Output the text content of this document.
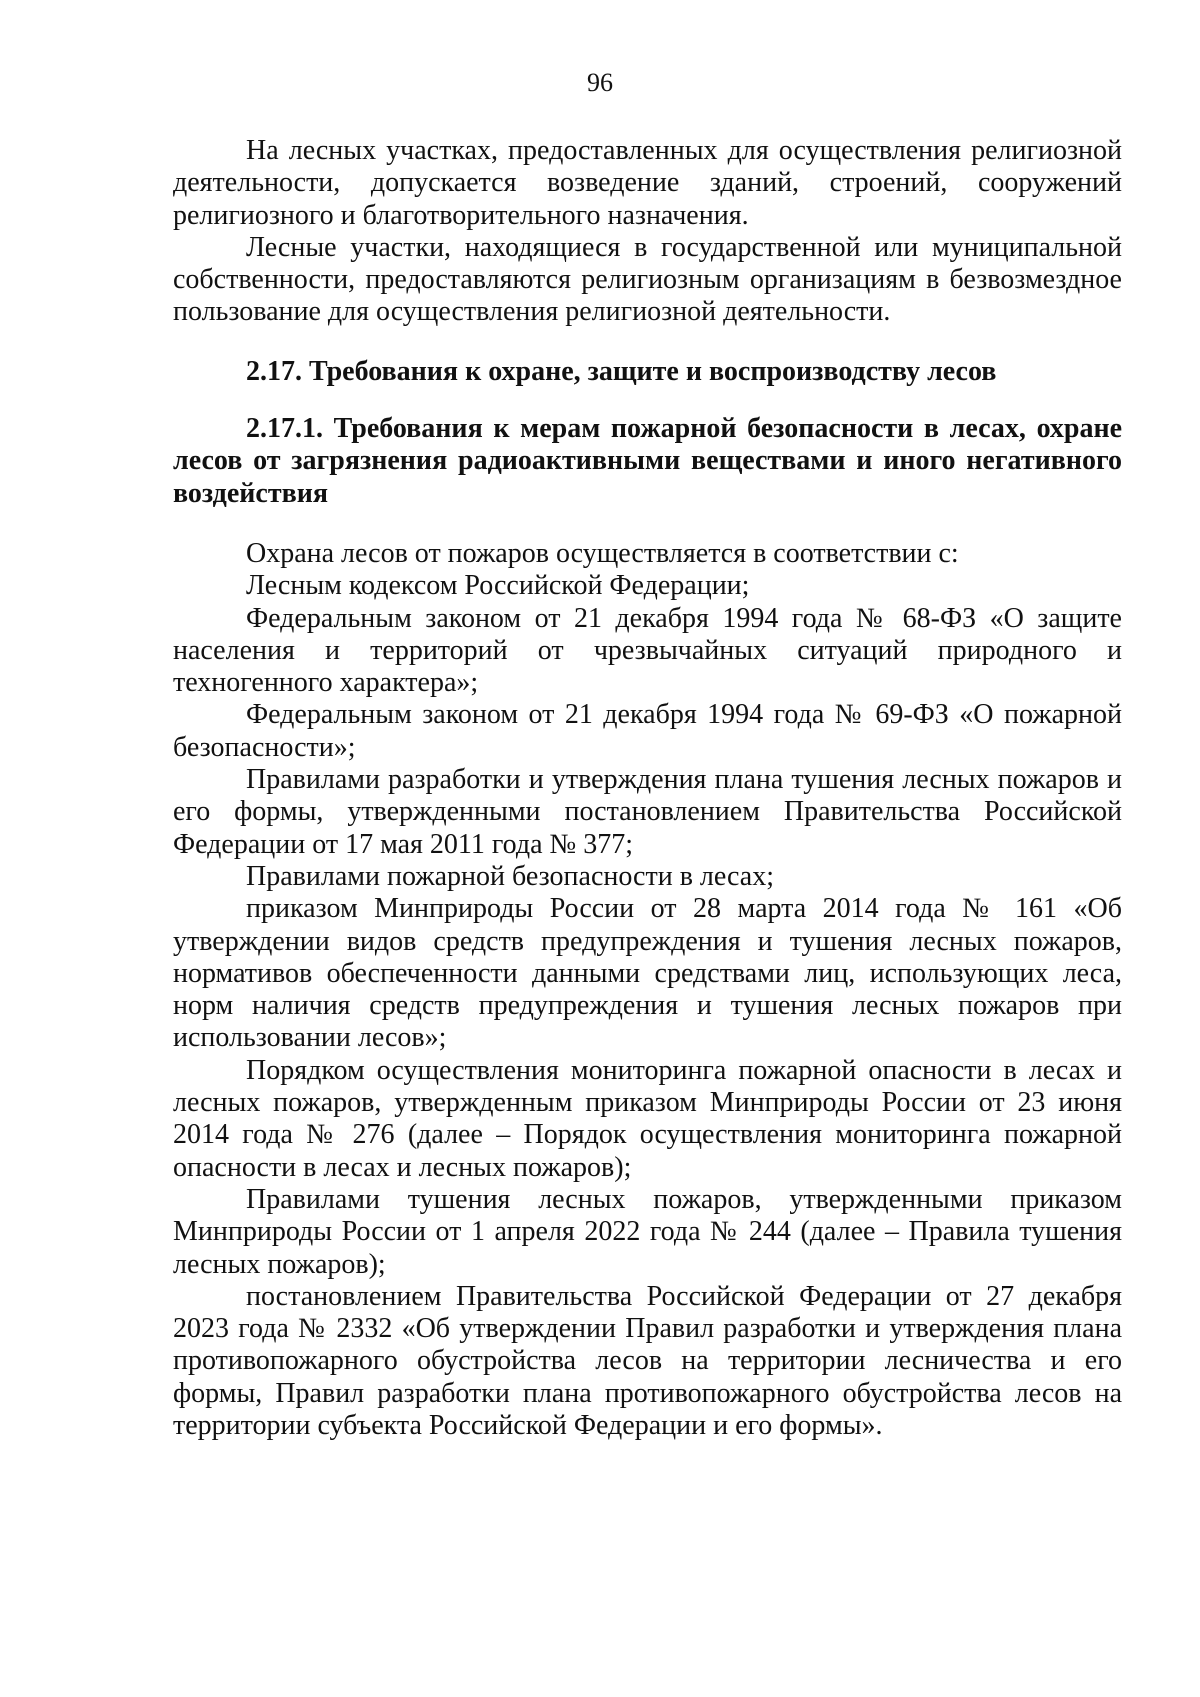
96

На лесных участках, предоставленных для осуществления религиозной деятельности, допускается возведение зданий, строений, сооружений религиозного и благотворительного назначения.

Лесные участки, находящиеся в государственной или муниципальной собственности, предоставляются религиозным организациям в безвозмездное пользование для осуществления религиозной деятельности.

2.17. Требования к охране, защите и воспроизводству лесов
2.17.1. Требования к мерам пожарной безопасности в лесах, охране лесов от загрязнения радиоактивными веществами и иного негативного воздействия

Охрана лесов от пожаров осуществляется в соответствии с:

Лесным кодексом Российской Федерации;

Федеральным законом от 21 декабря 1994 года № 68-ФЗ «О защите населения и территорий от чрезвычайных ситуаций природного и техногенного характера»;

Федеральным законом от 21 декабря 1994 года № 69-ФЗ «О пожарной безопасности»;

Правилами разработки и утверждения плана тушения лесных пожаров и его формы, утвержденными постановлением Правительства Российской Федерации от 17 мая 2011 года № 377;

Правилами пожарной безопасности в лесах;

приказом Минприроды России от 28 марта 2014 года № 161 «Об утверждении видов средств предупреждения и тушения лесных пожаров, нормативов обеспеченности данными средствами лиц, использующих леса, норм наличия средств предупреждения и тушения лесных пожаров при использовании лесов»;

Порядком осуществления мониторинга пожарной опасности в лесах и лесных пожаров, утвержденным приказом Минприроды России от 23 июня 2014 года № 276 (далее – Порядок осуществления мониторинга пожарной опасности в лесах и лесных пожаров);

Правилами тушения лесных пожаров, утвержденными приказом Минприроды России от 1 апреля 2022 года № 244 (далее – Правила тушения лесных пожаров);

постановлением Правительства Российской Федерации от 27 декабря 2023 года № 2332 «Об утверждении Правил разработки и утверждения плана противопожарного обустройства лесов на территории лесничества и его формы, Правил разработки плана противопожарного обустройства лесов на территории субъекта Российской Федерации и его формы».
